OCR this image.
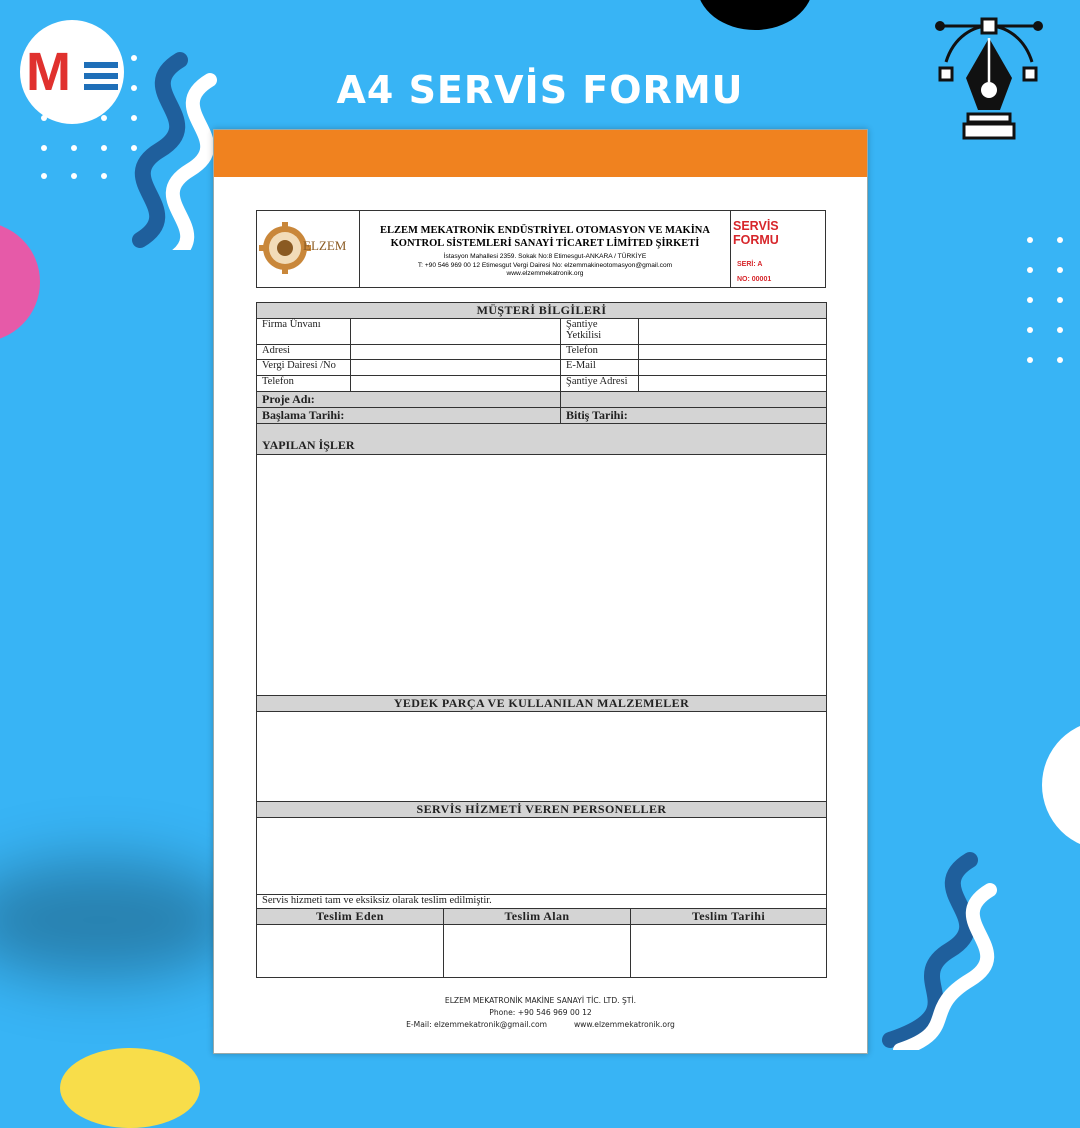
M	A4 SERVİS FORMU
ELZEM
ELZEM MEKATRONİK ENDÜSTRİYEL OTOMASYON VE MAKİNA
KONTROL SİSTEMLERİ SANAYİ TİCARET LİMİTED ŞİRKETİ
İstasyon Mahallesi 2359. Sokak No:8 Etimesgut-ANKARA / TÜRKİYE
T: +90 546 969 00 12 Etimesgut Vergi Dairesi No: elzemmakineotomasyon@gmail.com
www.elzemmekatronik.org
SERVİS FORMU
SERİ: A
NO: 00001
MÜŞTERİ BİLGİLERİ			
Firma Ünvanı		Şantiye Yetkilisi	
Adresi		Telefon	
Vergi Dairesi /No		E-Mail	
Telefon		Şantiye Adresi	
Proje Adı:	
Başlama Tarihi:	Bitiş Tarihi:
YAPILAN İŞLER	

YEDEK PARÇA VE KULLANILAN MALZEMELER	

SERVİS HİZMETİ VEREN PERSONELLER	

Servis hizmeti tam ve eksiksiz olarak teslim edilmiştir.	
Teslim Eden	Teslim Alan	Teslim Tarihi

ELZEM MEKATRONİK MAKİNE SANAYİ TİC. LTD. ŞTİ.
Phone: +90 546 969 00 12
E-Mail: elzemmekatronik@gmail.com	www.elzemmekatronik.org
